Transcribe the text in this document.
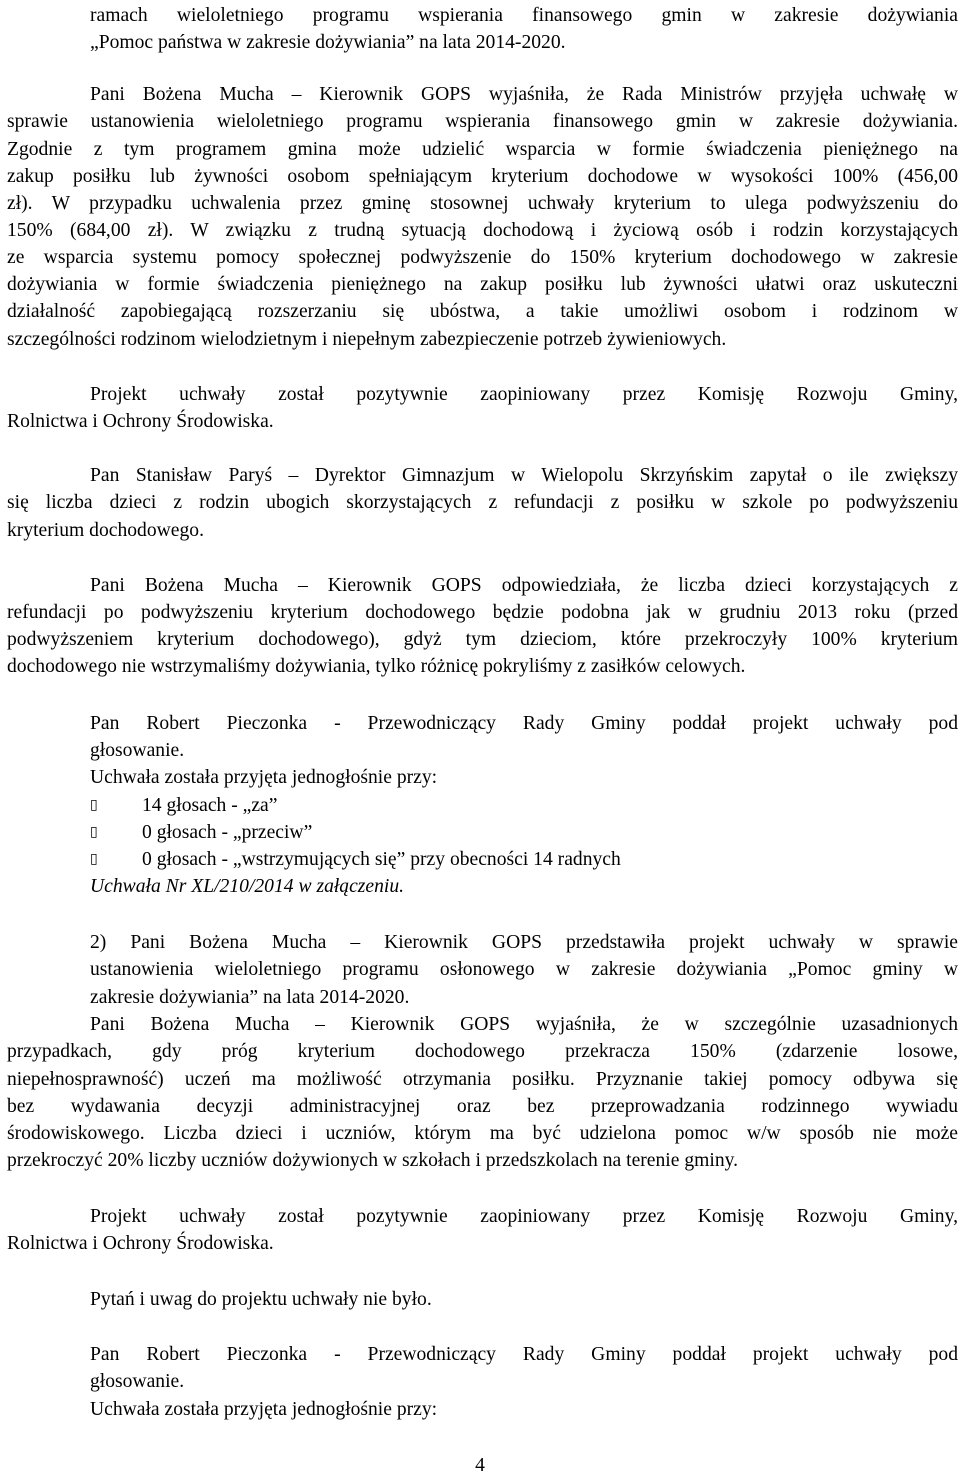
ramach wieloletniego programu wspierania finansowego gmin w zakresie dożywiania
„Pomoc państwa w zakresie dożywiania” na lata 2014-2020.
Pani Bożena Mucha – Kierownik GOPS wyjaśniła, że Rada Ministrów przyjęła uchwałę w
sprawie ustanowienia wieloletniego programu wspierania finansowego gmin w zakresie dożywiania.
Zgodnie z tym programem gmina może udzielić wsparcia w formie świadczenia pieniężnego na
zakup posiłku lub żywności osobom spełniającym kryterium dochodowe w wysokości 100% (456,00
zł). W przypadku uchwalenia przez gminę stosownej uchwały kryterium to ulega podwyższeniu do
150% (684,00 zł). W związku z trudną sytuacją dochodową i życiową osób i rodzin korzystających
ze wsparcia systemu pomocy społecznej podwyższenie do 150% kryterium dochodowego w zakresie
dożywiania w formie świadczenia pieniężnego na zakup posiłku lub żywności ułatwi oraz uskuteczni
działalność zapobiegającą rozszerzaniu się ubóstwa, a takie umożliwi osobom i rodzinom w
szczególności rodzinom wielodzietnym i niepełnym zabezpieczenie potrzeb żywieniowych.
Projekt uchwały został pozytywnie zaopiniowany przez Komisję Rozwoju Gminy,
Rolnictwa i Ochrony Środowiska.
Pan Stanisław Paryś – Dyrektor Gimnazjum w Wielopolu Skrzyńskim zapytał o ile zwiększy
się liczba dzieci z rodzin ubogich skorzystających z refundacji z posiłku w szkole po podwyższeniu
kryterium dochodowego.
Pani Bożena Mucha – Kierownik GOPS odpowiedziała, że liczba dzieci korzystających z
refundacji po podwyższeniu kryterium dochodowego będzie podobna jak w grudniu 2013 roku (przed
podwyższeniem kryterium dochodowego), gdyż tym dzieciom, które przekroczyły 100% kryterium
dochodowego nie wstrzymaliśmy dożywiania, tylko różnicę pokryliśmy z zasiłków celowych.
Pan Robert Pieczonka - Przewodniczący Rady Gminy poddał projekt uchwały pod
głosowanie.
Uchwała została przyjęta jednogłośnie przy:
▯ 14 głosach - „za”
▯ 0 głosach - „przeciw”
▯ 0 głosach - „wstrzymujących się” przy obecności 14 radnych
Uchwała Nr XL/210/2014 w załączeniu.
2) Pani Bożena Mucha – Kierownik GOPS przedstawiła projekt uchwały w sprawie
ustanowienia wieloletniego programu osłonowego w zakresie dożywiania „Pomoc gminy w
zakresie dożywiania” na lata 2014-2020.
Pani Bożena Mucha – Kierownik GOPS wyjaśniła, że w szczególnie uzasadnionych
przypadkach, gdy próg kryterium dochodowego przekracza 150% (zdarzenie losowe,
niepełnosprawność) uczeń ma możliwość otrzymania posiłku. Przyznanie takiej pomocy odbywa się
bez wydawania decyzji administracyjnej oraz bez przeprowadzania rodzinnego wywiadu
środowiskowego. Liczba dzieci i uczniów, którym ma być udzielona pomoc w/w sposób nie może
przekroczyć 20% liczby uczniów dożywionych w szkołach i przedszkolach na terenie gminy.
Projekt uchwały został pozytywnie zaopiniowany przez Komisję Rozwoju Gminy,
Rolnictwa i Ochrony Środowiska.
Pytań i uwag do projektu uchwały nie było.
Pan Robert Pieczonka - Przewodniczący Rady Gminy poddał projekt uchwały pod
głosowanie.
Uchwała została przyjęta jednogłośnie przy:
4
